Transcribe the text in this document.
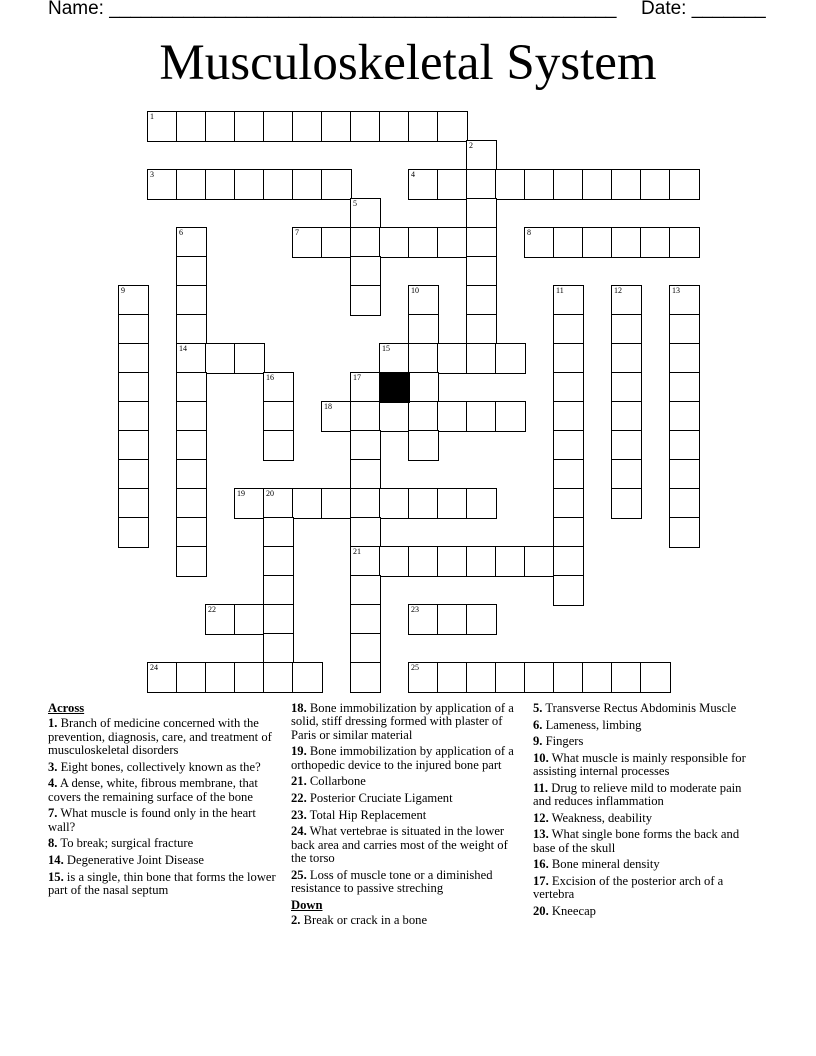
Name: ________________________________________________ Date: _______
Musculoskeletal System
1
2
3	4
5
6	7	8
9	10	11	12	13
14	15
16	17
18
19	20
21
22	23
24	25
Across
1. Branch of medicine concerned with the prevention, diagnosis, care, and treatment of musculoskeletal disorders
3. Eight bones, collectively known as the?
4. A dense, white, fibrous membrane, that covers the remaining surface of the bone
7. What muscle is found only in the heart wall?
8. To break; surgical fracture
14. Degenerative Joint Disease
15. is a single, thin bone that forms the lower part of the nasal septum
18. Bone immobilization by application of a solid, stiff dressing formed with plaster of Paris or similar material
19. Bone immobilization by application of a orthopedic device to the injured bone part
21. Collarbone
22. Posterior Cruciate Ligament
23. Total Hip Replacement
24. What vertebrae is situated in the lower back area and carries most of the weight of the torso
25. Loss of muscle tone or a diminished resistance to passive streching
Down
2. Break or crack in a bone
5. Transverse Rectus Abdominis Muscle
6. Lameness, limbing
9. Fingers
10. What muscle is mainly responsible for assisting internal processes
11. Drug to relieve mild to moderate pain and reduces inflammation
12. Weakness, deability
13. What single bone forms the back and base of the skull
16. Bone mineral density
17. Excision of the posterior arch of a vertebra
20. Kneecap
